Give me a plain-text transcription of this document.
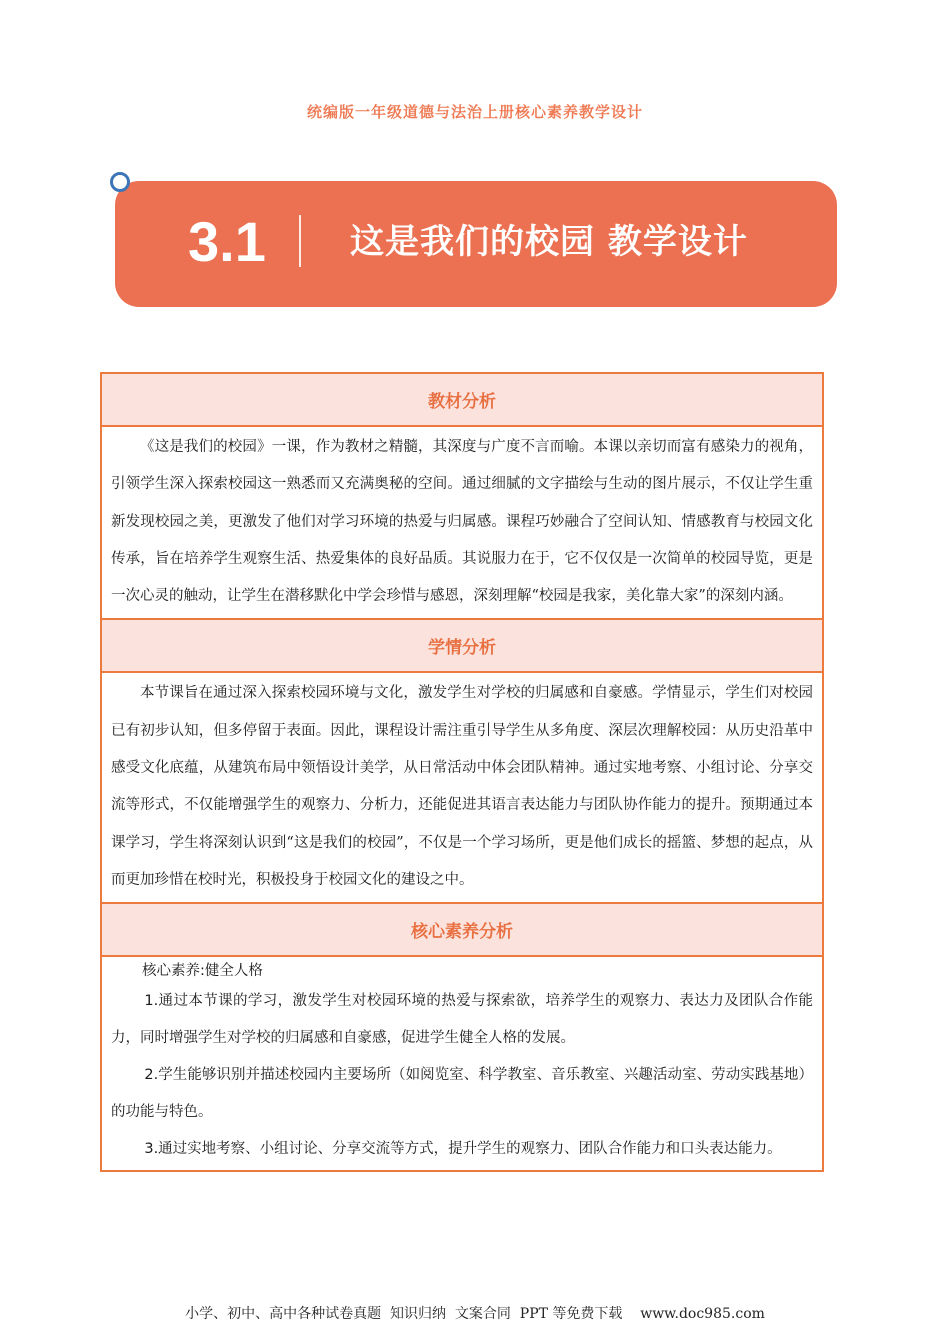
统编版一年级道德与法治上册核心素养教学设计
3.1 这是我们的校园 教学设计
教材分析
《这是我们的校园》一课，作为教材之精髓，其深度与广度不言而喻。本课以亲切而富有感染力的视角，引领学生深入探索校园这一熟悉而又充满奥秘的空间。通过细腻的文字描绘与生动的图片展示，不仅让学生重新发现校园之美，更激发了他们对学习环境的热爱与归属感。课程巧妙融合了空间认知、情感教育与校园文化传承，旨在培养学生观察生活、热爱集体的良好品质。其说服力在于，它不仅仅是一次简单的校园导览，更是一次心灵的触动，让学生在潜移默化中学会珍惜与感恩，深刻理解“校园是我家，美化靠大家”的深刻内涵。
学情分析
本节课旨在通过深入探索校园环境与文化，激发学生对学校的归属感和自豪感。学情显示，学生们对校园已有初步认知，但多停留于表面。因此，课程设计需注重引导学生从多角度、深层次理解校园：从历史沿革中感受文化底蕴，从建筑布局中领悟设计美学，从日常活动中体会团队精神。通过实地考察、小组讨论、分享交流等形式，不仅能增强学生的观察力、分析力，还能促进其语言表达能力与团队协作能力的提升。预期通过本课学习，学生将深刻认识到“这是我们的校园”，不仅是一个学习场所，更是他们成长的摇篮、梦想的起点，从而更加珍惜在校时光，积极投身于校园文化的建设之中。
核心素养分析
核心素养:健全人格
1.通过本节课的学习，激发学生对校园环境的热爱与探索欲，培养学生的观察力、表达力及团队合作能力，同时增强学生对学校的归属感和自豪感，促进学生健全人格的发展。
2.学生能够识别并描述校园内主要场所（如阅览室、科学教室、音乐教室、兴趣活动室、劳动实践基地）的功能与特色。
3.通过实地考察、小组讨论、分享交流等方式，提升学生的观察力、团队合作能力和口头表达能力。
小学、初中、高中各种试卷真题  知识归纳  文案合同  PPT 等免费下载    www.doc985.com
